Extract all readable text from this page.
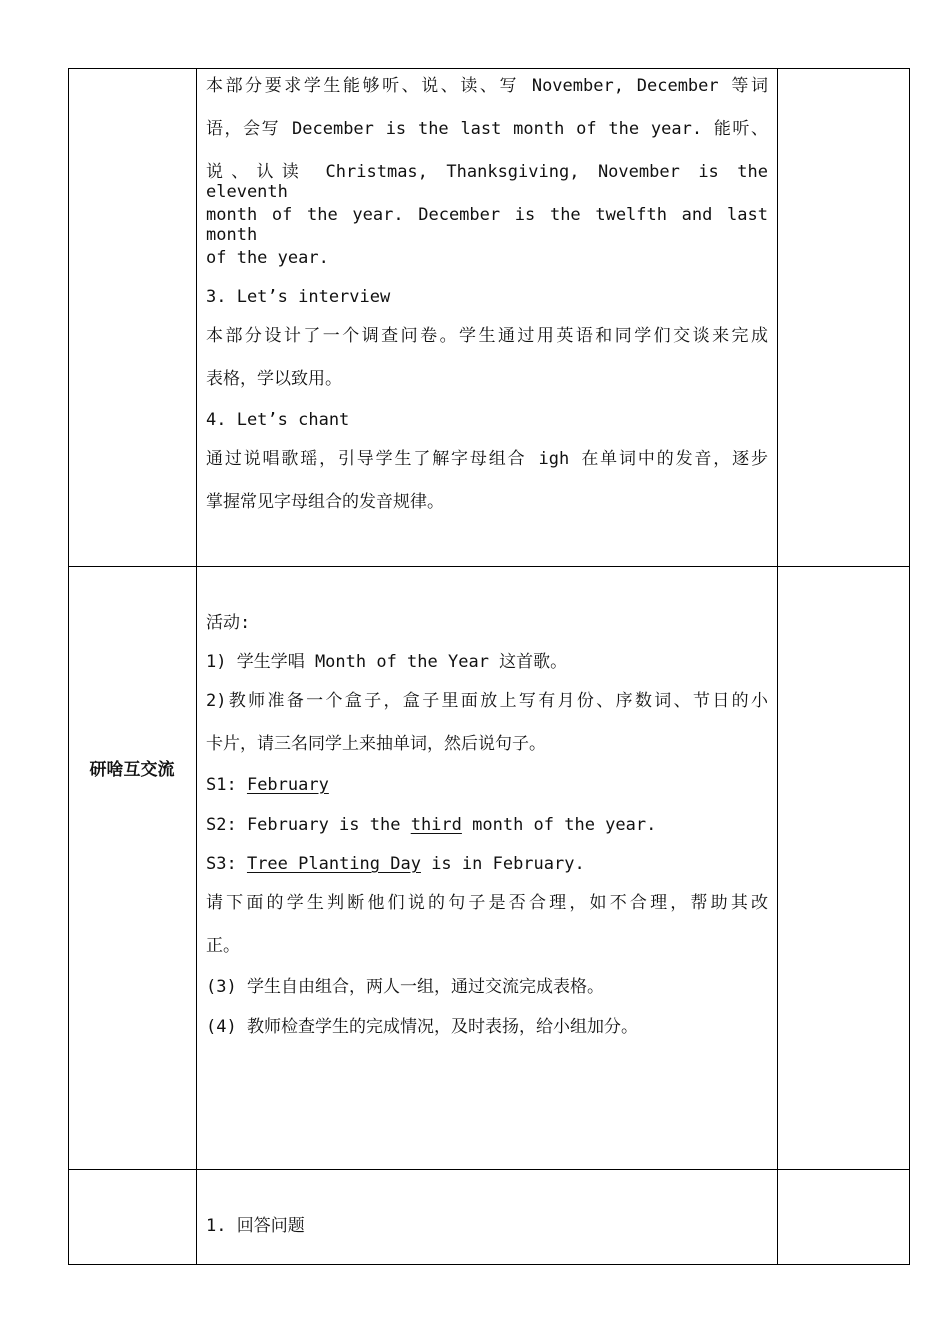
本部分要求学生能够听、说、读、写 November, December 等词
语，会写 December is the last month of the year. 能听、
说、认读 Christmas, Thanksgiving, November is the eleventh
month of the year. December is the twelfth and last month
of the year.
3. Let’s interview
本部分设计了一个调查问卷。学生通过用英语和同学们交谈来完成
表格，学以致用。
4. Let’s chant
通过说唱歌瑶，引导学生了解字母组合 igh 在单词中的发音，逐步
掌握常见字母组合的发音规律。
研啥互交流
活动:
1) 学生学唱 Month of the Year 这首歌。
2)教师准备一个盒子，盒子里面放上写有月份、序数词、节日的小
卡片，请三名同学上来抽单词，然后说句子。
S1: February
S2: February is the third month of the year.
S3: Tree Planting Day is in February.
请下面的学生判断他们说的句子是否合理，如不合理，帮助其改
正。
(3) 学生自由组合，两人一组，通过交流完成表格。
(4) 教师检查学生的完成情况，及时表扬，给小组加分。
1. 回答问题
